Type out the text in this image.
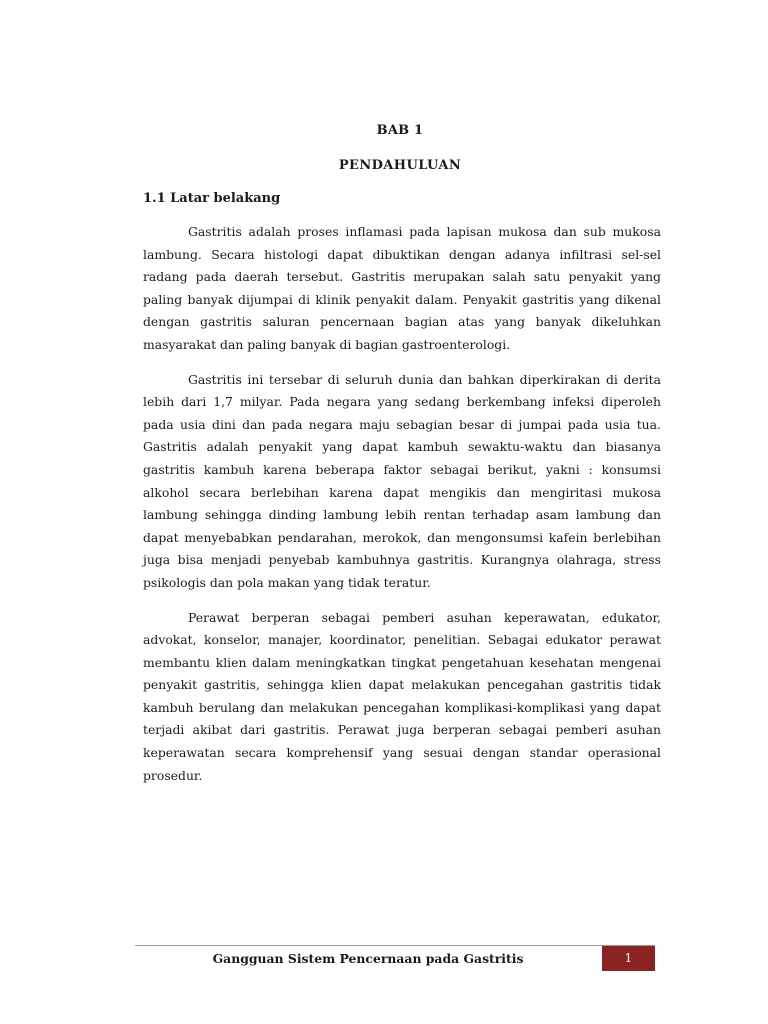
BAB 1
PENDAHULUAN
1.1 Latar belakang

Gastritis adalah proses inflamasi pada lapisan mukosa dan sub mukosa lambung. Secara histologi dapat dibuktikan dengan adanya infiltrasi sel-sel radang pada daerah tersebut. Gastritis merupakan salah satu penyakit yang paling banyak dijumpai di klinik penyakit dalam. Penyakit gastritis yang dikenal dengan gastritis saluran pencernaan bagian atas yang banyak dikeluhkan masyarakat dan paling banyak di bagian gastroenterologi.

Gastritis ini tersebar di seluruh dunia dan bahkan diperkirakan di derita lebih dari 1,7 milyar. Pada negara yang sedang berkembang infeksi diperoleh pada usia dini dan pada negara maju sebagian besar di jumpai pada usia tua. Gastritis adalah penyakit yang dapat kambuh sewaktu-waktu dan biasanya gastritis kambuh karena beberapa faktor sebagai berikut, yakni : konsumsi alkohol secara berlebihan karena dapat mengikis dan mengiritasi mukosa lambung sehingga dinding lambung lebih rentan terhadap asam lambung dan dapat menyebabkan pendarahan, merokok, dan mengonsumsi kafein berlebihan juga bisa menjadi penyebab kambuhnya gastritis. Kurangnya olahraga, stress psikologis dan pola makan yang tidak teratur.

Perawat berperan sebagai pemberi asuhan keperawatan, edukator, advokat, konselor, manajer, koordinator, penelitian. Sebagai edukator perawat membantu klien dalam meningkatkan tingkat pengetahuan kesehatan mengenai penyakit gastritis, sehingga klien dapat melakukan pencegahan gastritis tidak kambuh berulang dan melakukan pencegahan komplikasi-komplikasi yang dapat terjadi akibat dari gastritis. Perawat juga berperan sebagai pemberi asuhan keperawatan secara komprehensif yang sesuai dengan standar operasional prosedur.

Gangguan Sistem Pencernaan pada Gastritis	1
